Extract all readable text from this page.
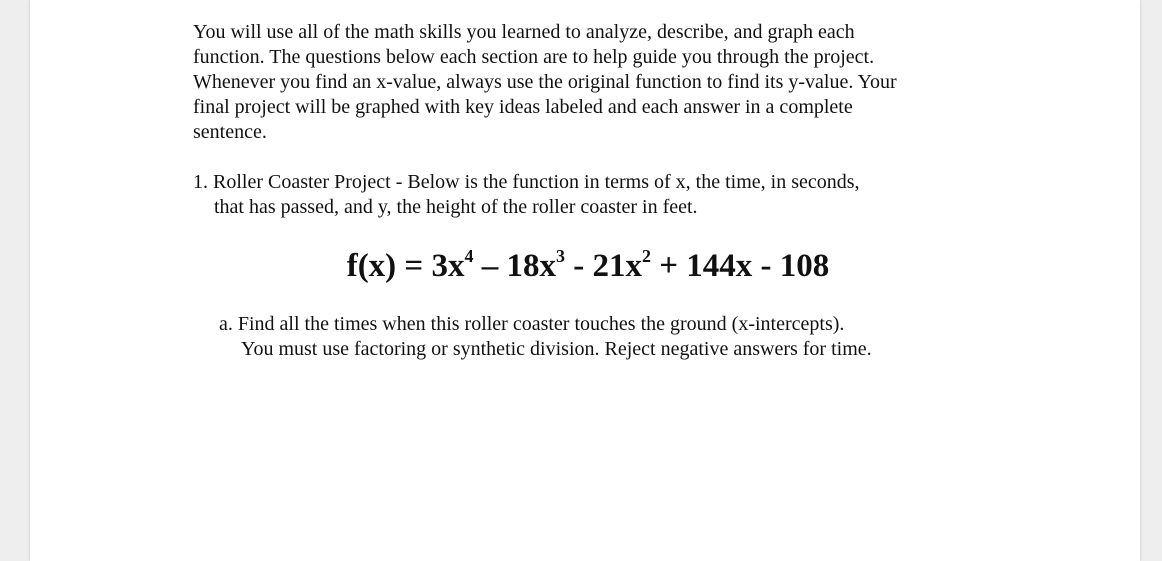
You will use all of the math skills you learned to analyze, describe, and graph each
function. The questions below each section are to help guide you through the project.
Whenever you find an x-value, always use the original function to find its y-value. Your
final project will be graphed with key ideas labeled and each answer in a complete
sentence.

1. Roller Coaster Project - Below is the function in terms of x, the time, in seconds,
that has passed, and y, the height of the roller coaster in feet.

$f(x) = 3x^4 - 18x^3 - 21x^2 + 144x - 108$

a. Find all the times when this roller coaster touches the ground (x-intercepts).
You must use factoring or synthetic division. Reject negative answers for time.
